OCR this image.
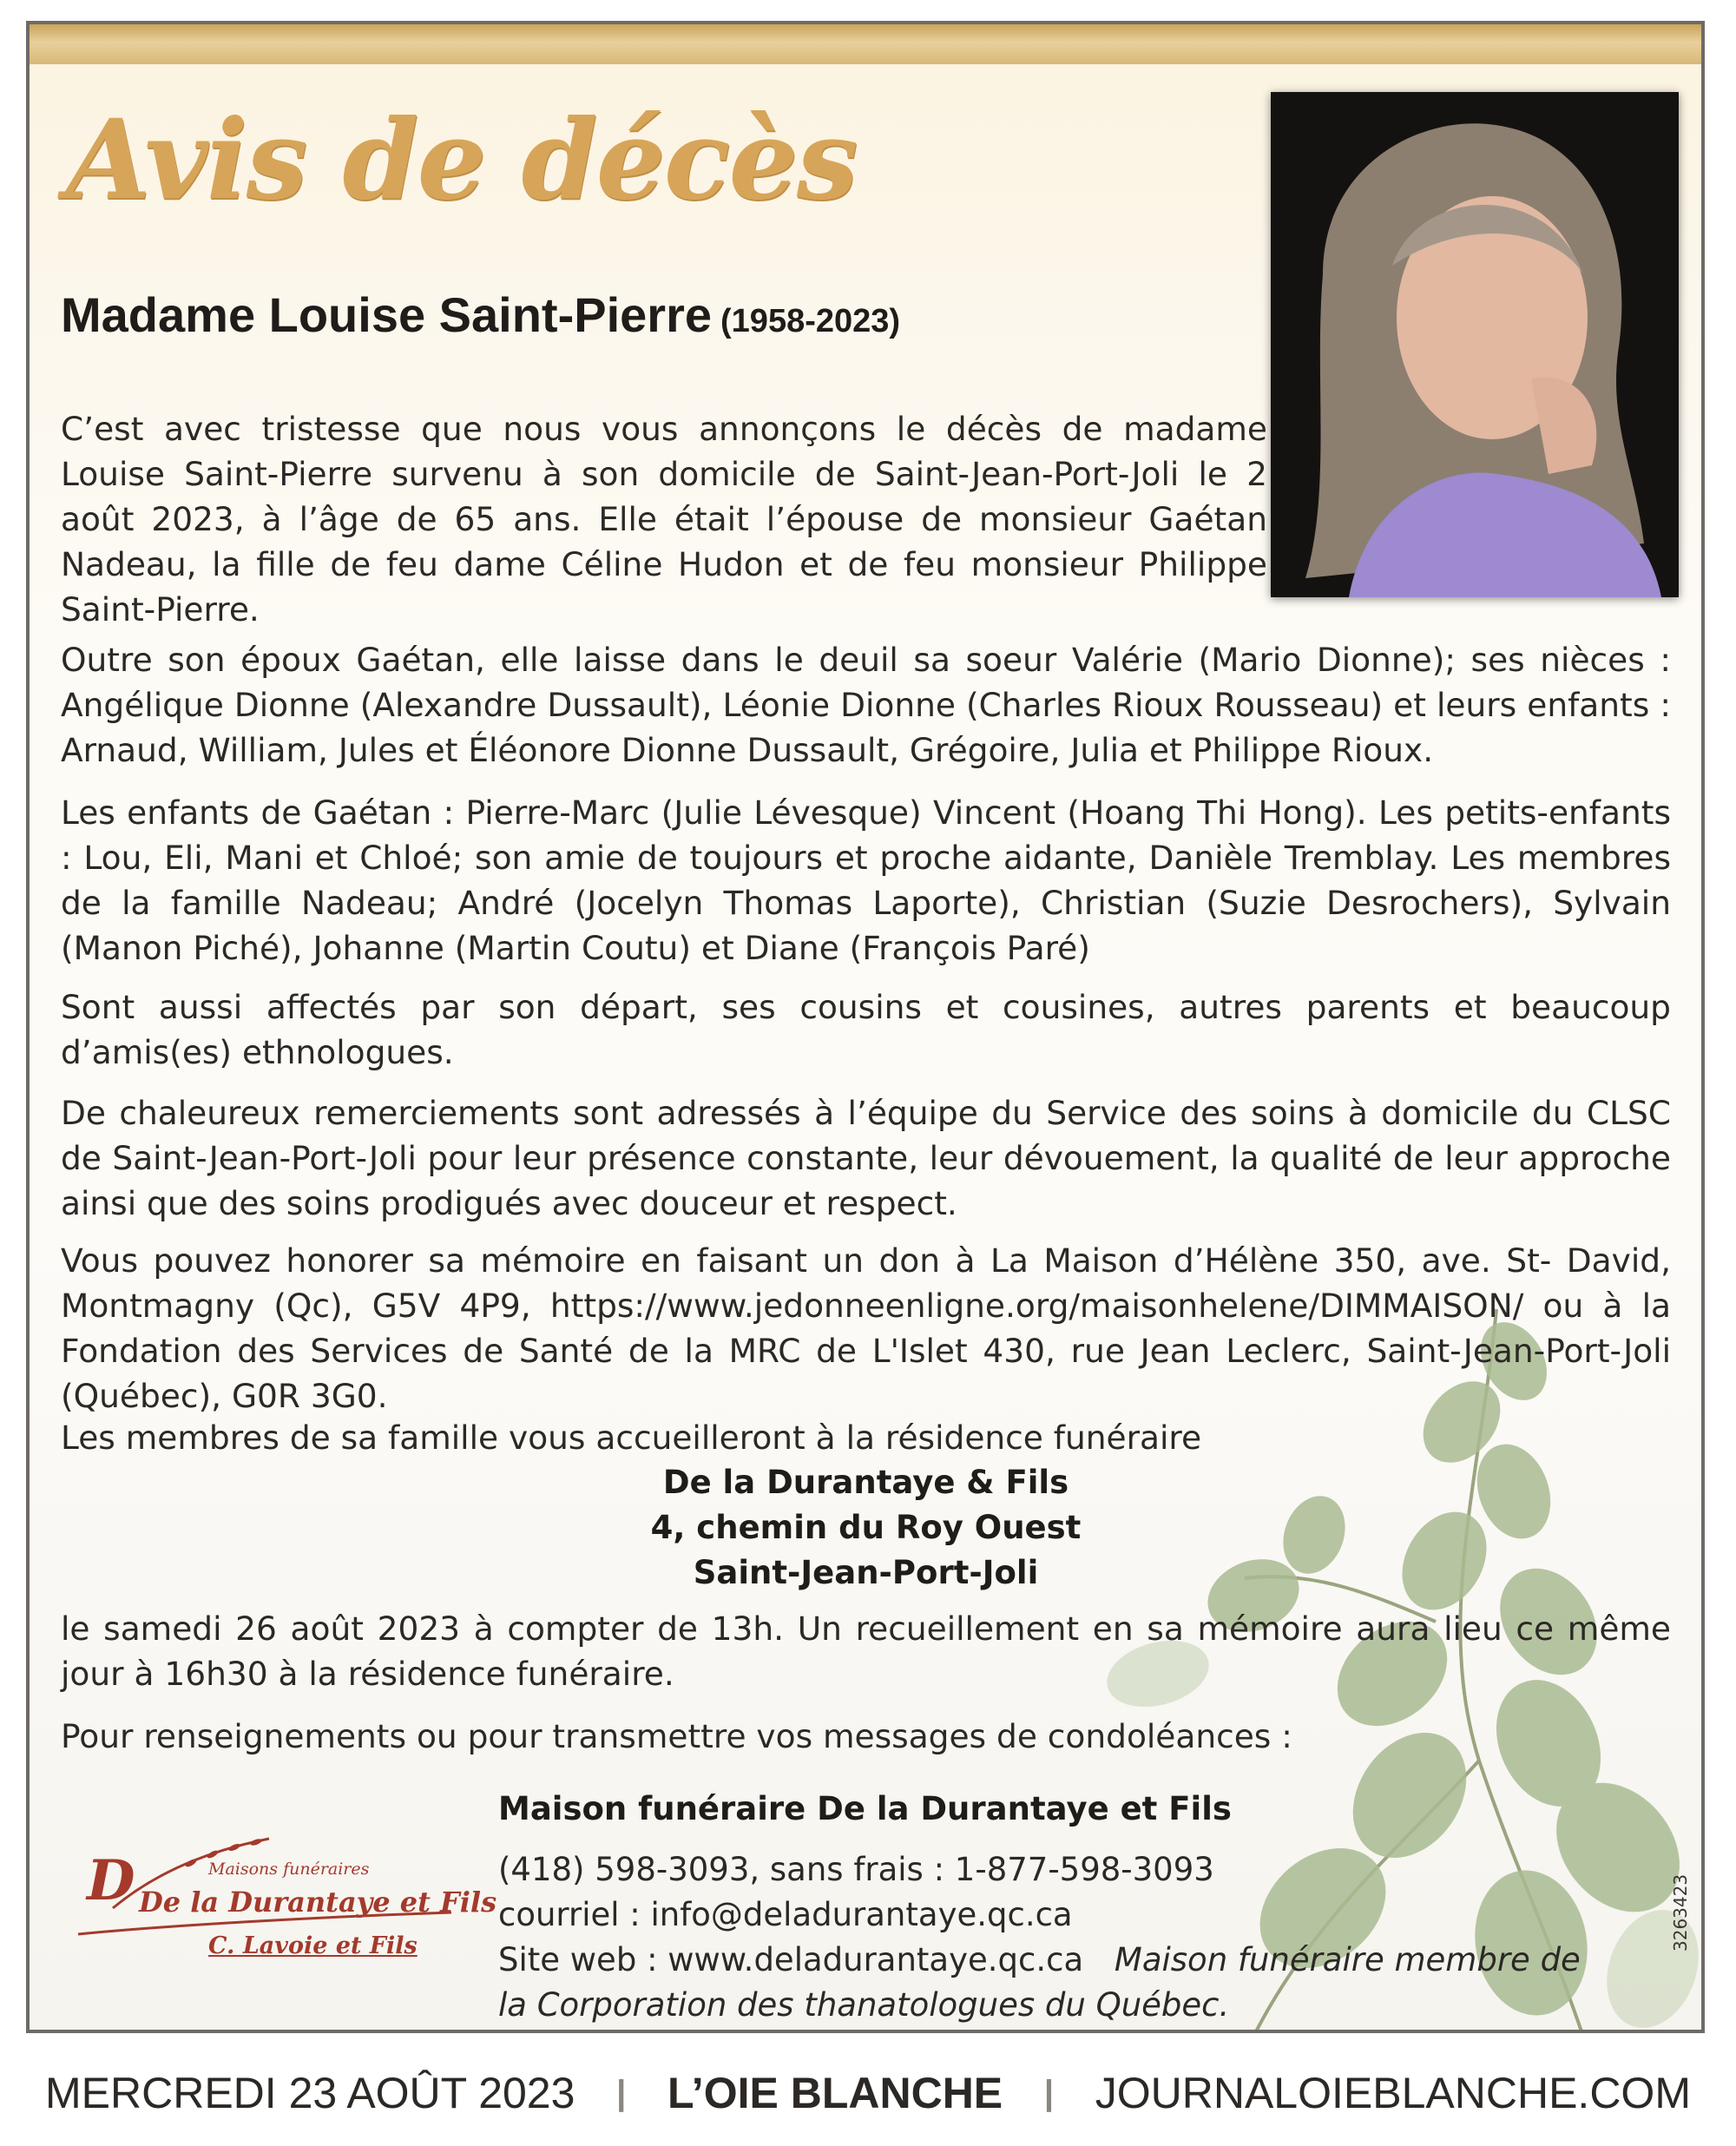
Avis de décès
Madame Louise Saint-Pierre (1958-2023)
C’est avec tristesse que nous vous annonçons le décès de madame Louise Saint-Pierre survenu à son domicile de Saint-Jean-Port-Joli le 2 août 2023, à l’âge de 65 ans. Elle était l’épouse de monsieur Gaétan Nadeau, la fille de feu dame Céline Hudon et de feu monsieur Philippe Saint-Pierre.
Outre son époux Gaétan, elle laisse dans le deuil sa soeur Valérie (Mario Dionne); ses nièces : Angélique Dionne (Alexandre Dussault), Léonie Dionne (Charles Rioux Rousseau) et leurs enfants : Arnaud, William, Jules et Éléonore Dionne Dussault, Grégoire, Julia et Philippe Rioux.
Les enfants de Gaétan : Pierre-Marc (Julie Lévesque) Vincent (Hoang Thi Hong). Les petits-enfants : Lou, Eli, Mani et Chloé; son amie de toujours et proche aidante, Danièle Tremblay. Les membres de la famille Nadeau; André (Jocelyn Thomas Laporte), Christian (Suzie Desrochers), Sylvain (Manon Piché), Johanne (Martin Coutu) et Diane (François Paré)
Sont aussi affectés par son départ, ses cousins et cousines, autres parents et beaucoup d’amis(es) ethnologues.
De chaleureux remerciements sont adressés à l’équipe du Service des soins à domicile du CLSC de Saint-Jean-Port-Joli pour leur présence constante, leur dévouement, la qualité de leur approche ainsi que des soins prodigués avec douceur et respect.
Vous pouvez honorer sa mémoire en faisant un don à La Maison d’Hélène 350, ave. St- David, Montmagny (Qc), G5V 4P9, https://www.jedonneenligne.org/maisonhelene/DIMMAISON/ ou à la Fondation des Services de Santé de la MRC de L'Islet 430, rue Jean Leclerc, Saint-Jean-Port-Joli (Québec), G0R 3G0.
Les membres de sa famille vous accueilleront à la résidence funéraire
De la Durantaye & Fils
4, chemin du Roy Ouest
Saint-Jean-Port-Joli
le samedi 26 août 2023 à compter de 13h. Un recueillement en sa mémoire aura lieu ce même jour à 16h30 à la résidence funéraire.
Pour renseignements ou pour transmettre vos messages de condoléances :
D	Maisons funéraires
De la Durantaye et Fils
C. Lavoie et Fils
Maison funéraire De la Durantaye et Fils
(418) 598-3093, sans frais : 1-877-598-3093
courriel : info@deladurantaye.qc.ca
Site web : www.deladurantaye.qc.ca Maison funéraire membre de
la Corporation des thanatologues du Québec.
3263423
MERCREDI 23 AOÛT 2023 | L’OIE BLANCHE | JOURNALOIEBLANCHE.COM
